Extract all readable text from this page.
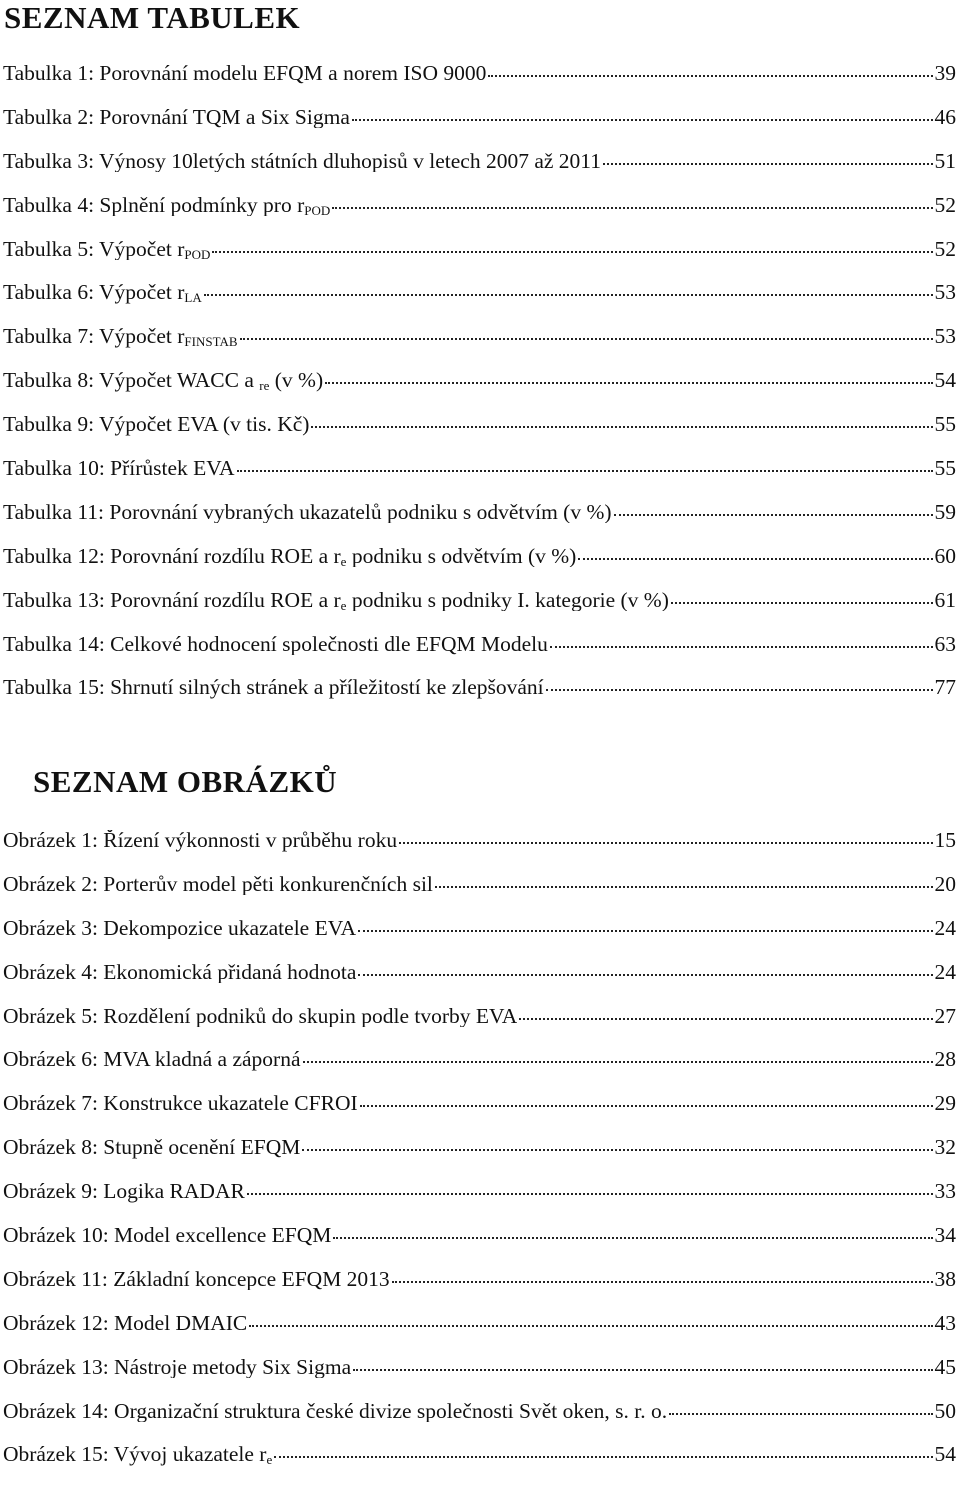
SEZNAM TABULEK
Tabulka 1: Porovnání modelu EFQM a norem ISO 9000	39
Tabulka 2: Porovnání TQM a Six Sigma	46
Tabulka 3: Výnosy 10letých státních dluhopisů v letech 2007 až 2011	51
Tabulka 4: Splnění podmínky pro $r_{POD}$	52
Tabulka 5: Výpočet $r_{POD}$	52
Tabulka 6: Výpočet $r_{LA}$	53
Tabulka 7: Výpočet $r_{FINSTAB}$	53
Tabulka 8: Výpočet WACC a $_{re}$ (v %)	54
Tabulka 9: Výpočet EVA (v tis. Kč)	55
Tabulka 10: Přírůstek EVA	55
Tabulka 11: Porovnání vybraných ukazatelů podniku s odvětvím (v %)	59
Tabulka 12: Porovnání rozdílu ROE a $r_e$ podniku s odvětvím (v %)	60
Tabulka 13: Porovnání rozdílu ROE a $r_e$ podniku s podniky I. kategorie (v %)	61
Tabulka 14: Celkové hodnocení společnosti dle EFQM Modelu	63
Tabulka 15: Shrnutí silných stránek a příležitostí ke zlepšování	77
SEZNAM OBRÁZKŮ
Obrázek 1: Řízení výkonnosti v průběhu roku	15
Obrázek 2: Porterův model pěti konkurenčních sil	20
Obrázek 3: Dekompozice ukazatele EVA	24
Obrázek 4: Ekonomická přidaná hodnota	24
Obrázek 5: Rozdělení podniků do skupin podle tvorby EVA	27
Obrázek 6: MVA kladná a záporná	28
Obrázek 7: Konstrukce ukazatele CFROI	29
Obrázek 8: Stupně ocenění EFQM	32
Obrázek 9: Logika RADAR	33
Obrázek 10: Model excellence EFQM	34
Obrázek 11: Základní koncepce EFQM 2013	38
Obrázek 12: Model DMAIC	43
Obrázek 13: Nástroje metody Six Sigma	45
Obrázek 14: Organizační struktura české divize společnosti Svět oken, s. r. o.	50
Obrázek 15: Vývoj ukazatele $r_e$	54
